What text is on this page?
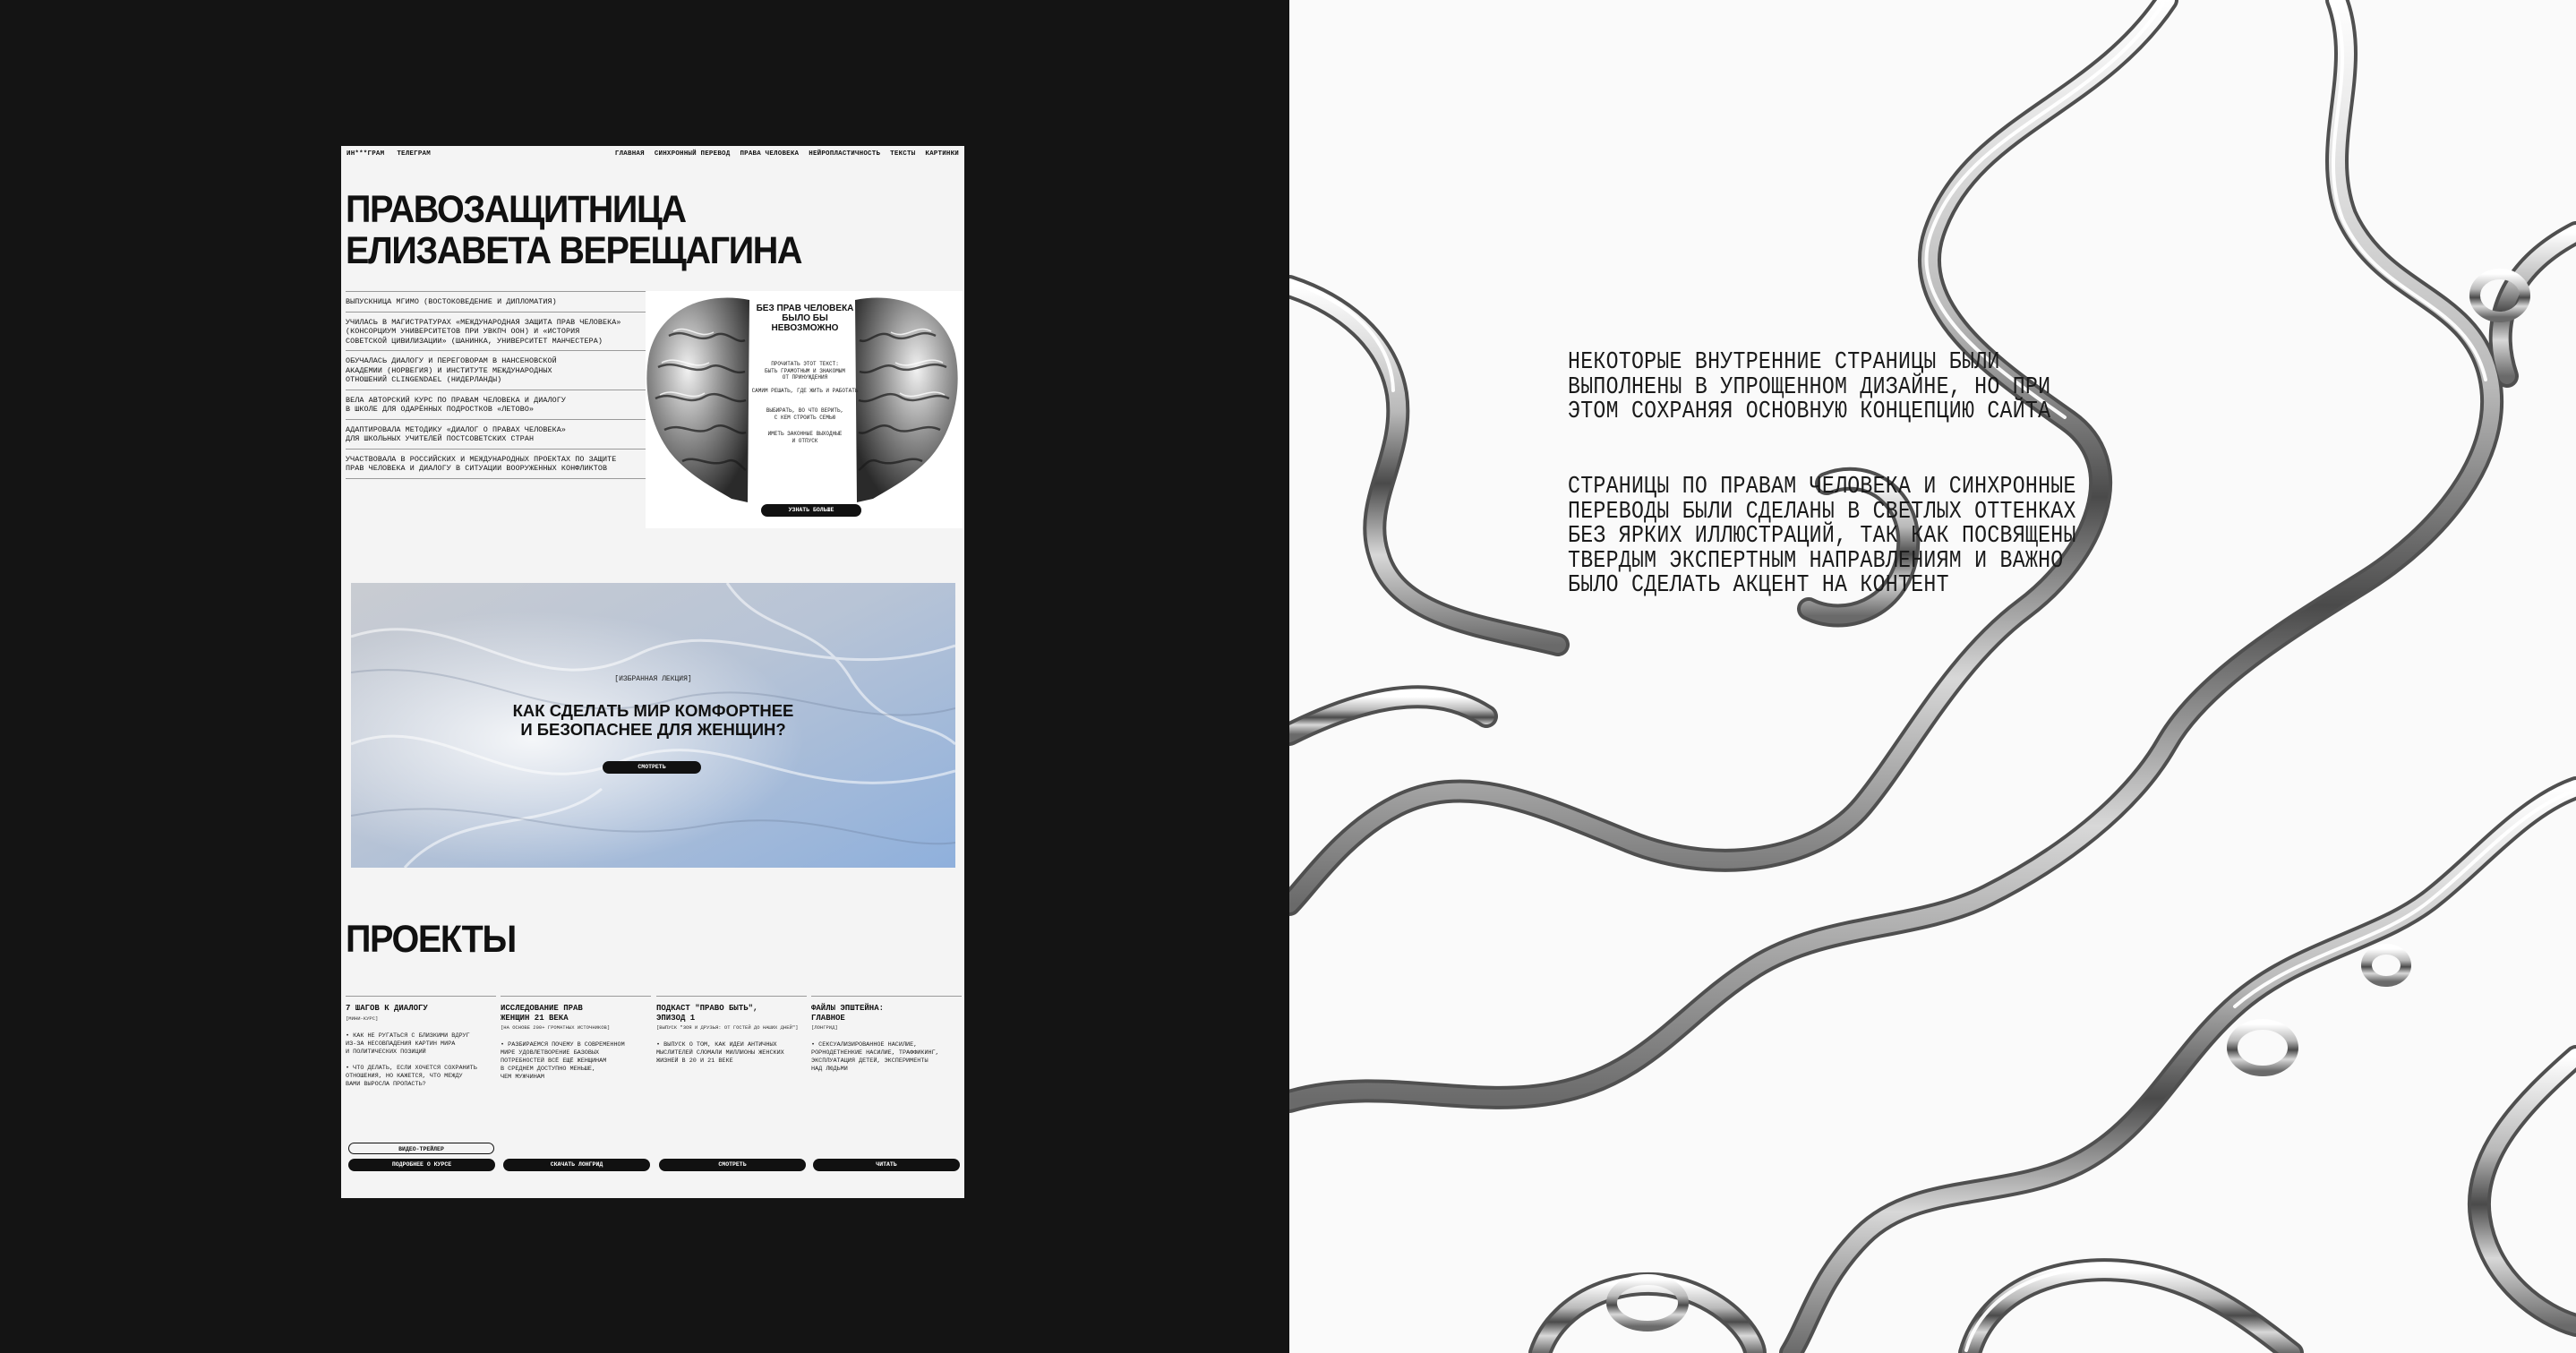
ИН***ГРАМ ТЕЛЕГРАМ	ГЛАВНАЯ СИНХРОННЫЙ ПЕРЕВОД ПРАВА ЧЕЛОВЕКА НЕЙРОПЛАСТИЧНОСТЬ ТЕКСТЫ КАРТИНКИ
ПРАВОЗАЩИТНИЦА
ЕЛИЗАВЕТА ВЕРЕЩАГИНА
ВЫПУСКНИЦА МГИМО (ВОСТОКОВЕДЕНИЕ И ДИПЛОМАТИЯ)
УЧИЛАСЬ В МАГИСТРАТУРАХ «МЕЖДУНАРОДНАЯ ЗАЩИТА ПРАВ ЧЕЛОВЕКА»
(КОНСОРЦИУМ УНИВЕРСИТЕТОВ ПРИ УВКПЧ ООН) И «ИСТОРИЯ
СОВЕТСКОЙ ЦИВИЛИЗАЦИИ» (ШАНИНКА, УНИВЕРСИТЕТ МАНЧЕСТЕРА)
ОБУЧАЛАСЬ ДИАЛОГУ И ПЕРЕГОВОРАМ В НАНСЕНОВСКОЙ
АКАДЕМИИ (НОРВЕГИЯ) И ИНСТИТУТЕ МЕЖДУНАРОДНЫХ
ОТНОШЕНИЙ CLINGENDAEL (НИДЕРЛАНДЫ)
ВЕЛА АВТОРСКИЙ КУРС ПО ПРАВАМ ЧЕЛОВЕКА И ДИАЛОГУ
В ШКОЛЕ ДЛЯ ОДАРЁННЫХ ПОДРОСТКОВ «ЛЕТОВО»
АДАПТИРОВАЛА МЕТОДИКУ «ДИАЛОГ О ПРАВАХ ЧЕЛОВЕКА»
ДЛЯ ШКОЛЬНЫХ УЧИТЕЛЕЙ ПОСТСОВЕТСКИХ СТРАН
УЧАСТВОВАЛА В РОССИЙСКИХ И МЕЖДУНАРОДНЫХ ПРОЕКТАХ ПО ЗАЩИТЕ
ПРАВ ЧЕЛОВЕКА И ДИАЛОГУ В СИТУАЦИИ ВООРУЖЕННЫХ КОНФЛИКТОВ
БЕЗ ПРАВ ЧЕЛОВЕКА
БЫЛО БЫ НЕВОЗМОЖНО
ПРОЧИТАТЬ ЭТОТ ТЕКСТ:
БЫТЬ ГРАМОТНЫМ И ЗНАКОМЫМ
ОТ ПРИНУЖДЕНИЯ
САМИМ РЕШАТЬ, ГДЕ ЖИТЬ И РАБОТАТЬ
ВЫБИРАТЬ, ВО ЧТО ВЕРИТЬ,
С КЕМ СТРОИТЬ СЕМЬЮ
ИМЕТЬ ЗАКОННЫЕ ВЫХОДНЫЕ
И ОТПУСК
УЗНАТЬ БОЛЬШЕ
[ИЗБРАННАЯ ЛЕКЦИЯ]
КАК СДЕЛАТЬ МИР КОМФОРТНЕЕ
И БЕЗОПАСНЕЕ ДЛЯ ЖЕНЩИН?
СМОТРЕТЬ
ПРОЕКТЫ
7 ШАГОВ К ДИАЛОГУ
[МИНИ-КУРС]
• КАК НЕ РУГАТЬСЯ С БЛИЗКИМИ ВДРУГ
ИЗ-ЗА НЕСОВПАДЕНИЯ КАРТИН МИРА
И ПОЛИТИЧЕСКИХ ПОЗИЦИЙ

• ЧТО ДЕЛАТЬ, ЕСЛИ ХОЧЕТСЯ СОХРАНИТЬ
ОТНОШЕНИЯ, НО КАЖЕТСЯ, ЧТО МЕЖДУ
ВАМИ ВЫРОСЛА ПРОПАСТЬ?
ИССЛЕДОВАНИЕ ПРАВ
ЖЕНЩИН 21 ВЕКА
[НА ОСНОВЕ 200+ ГРОМАТНЫХ ИСТОЧНИКОВ]
• РАЗБИРАЕМСЯ ПОЧЕМУ В СОВРЕМЕННОМ
МИРЕ УДОВЛЕТВОРЕНИЕ БАЗОВЫХ
ПОТРЕБНОСТЕЙ ВСЁ ЕЩЁ ЖЕНЩИНАМ
В СРЕДНЕМ ДОСТУПНО МЕНЬШЕ,
ЧЕМ МУЖЧИНАМ
ПОДКАСТ "ПРАВО БЫТЬ",
ЭПИЗОД 1
[ВЫПУСК "ЗОЯ И ДРУЗЬЯ: ОТ ГОСТЕЙ ДО НАШИХ ДНЕЙ"]
• ВЫПУСК О ТОМ, КАК ИДЕИ АНТИЧНЫХ
МЫСЛИТЕЛЕЙ СЛОМАЛИ МИЛЛИОНЫ ЖЕНСКИХ
ЖИЗНЕЙ В 20 И 21 ВЕКЕ
ФАЙЛЫ ЭПШТЕЙНА:
ГЛАВНОЕ
[ЛОНГРИД]
• СЕКСУАЛИЗИРОВАННОЕ НАСИЛИЕ,
РОРНОДЕТНЕНКИЕ НАСИЛИЕ, ТРАФФИКИНГ,
ЭКСПЛУАТАЦИЯ ДЕТЕЙ, ЭКСПЕРИМЕНТЫ
НАД ЛЮДЬМИ
ВИДЕО-ТРЕЙЛЕР
ПОДРОБНЕЕ О КУРСЕ	СКАЧАТЬ ЛОНГРИД	СМОТРЕТЬ	ЧИТАТЬ
НЕКОТОРЫЕ ВНУТРЕННИЕ СТРАНИЦЫ БЫЛИ
ВЫПОЛНЕНЫ В УПРОЩЕННОМ ДИЗАЙНЕ, НО ПРИ
ЭТОМ СОХРАНЯЯ ОСНОВНУЮ КОНЦЕПЦИЮ САЙТА
СТРАНИЦЫ ПО ПРАВАМ ЧЕЛОВЕКА И СИНХРОННЫЕ
ПЕРЕВОДЫ БЫЛИ СДЕЛАНЫ В СВЕТЛЫХ ОТТЕНКАХ
БЕЗ ЯРКИХ ИЛЛЮСТРАЦИЙ, ТАК КАК ПОСВЯЩЕНЫ
ТВЕРДЫМ ЭКСПЕРТНЫМ НАПРАВЛЕНИЯМ И ВАЖНО
БЫЛО СДЕЛАТЬ АКЦЕНТ НА КОНТЕНТ
